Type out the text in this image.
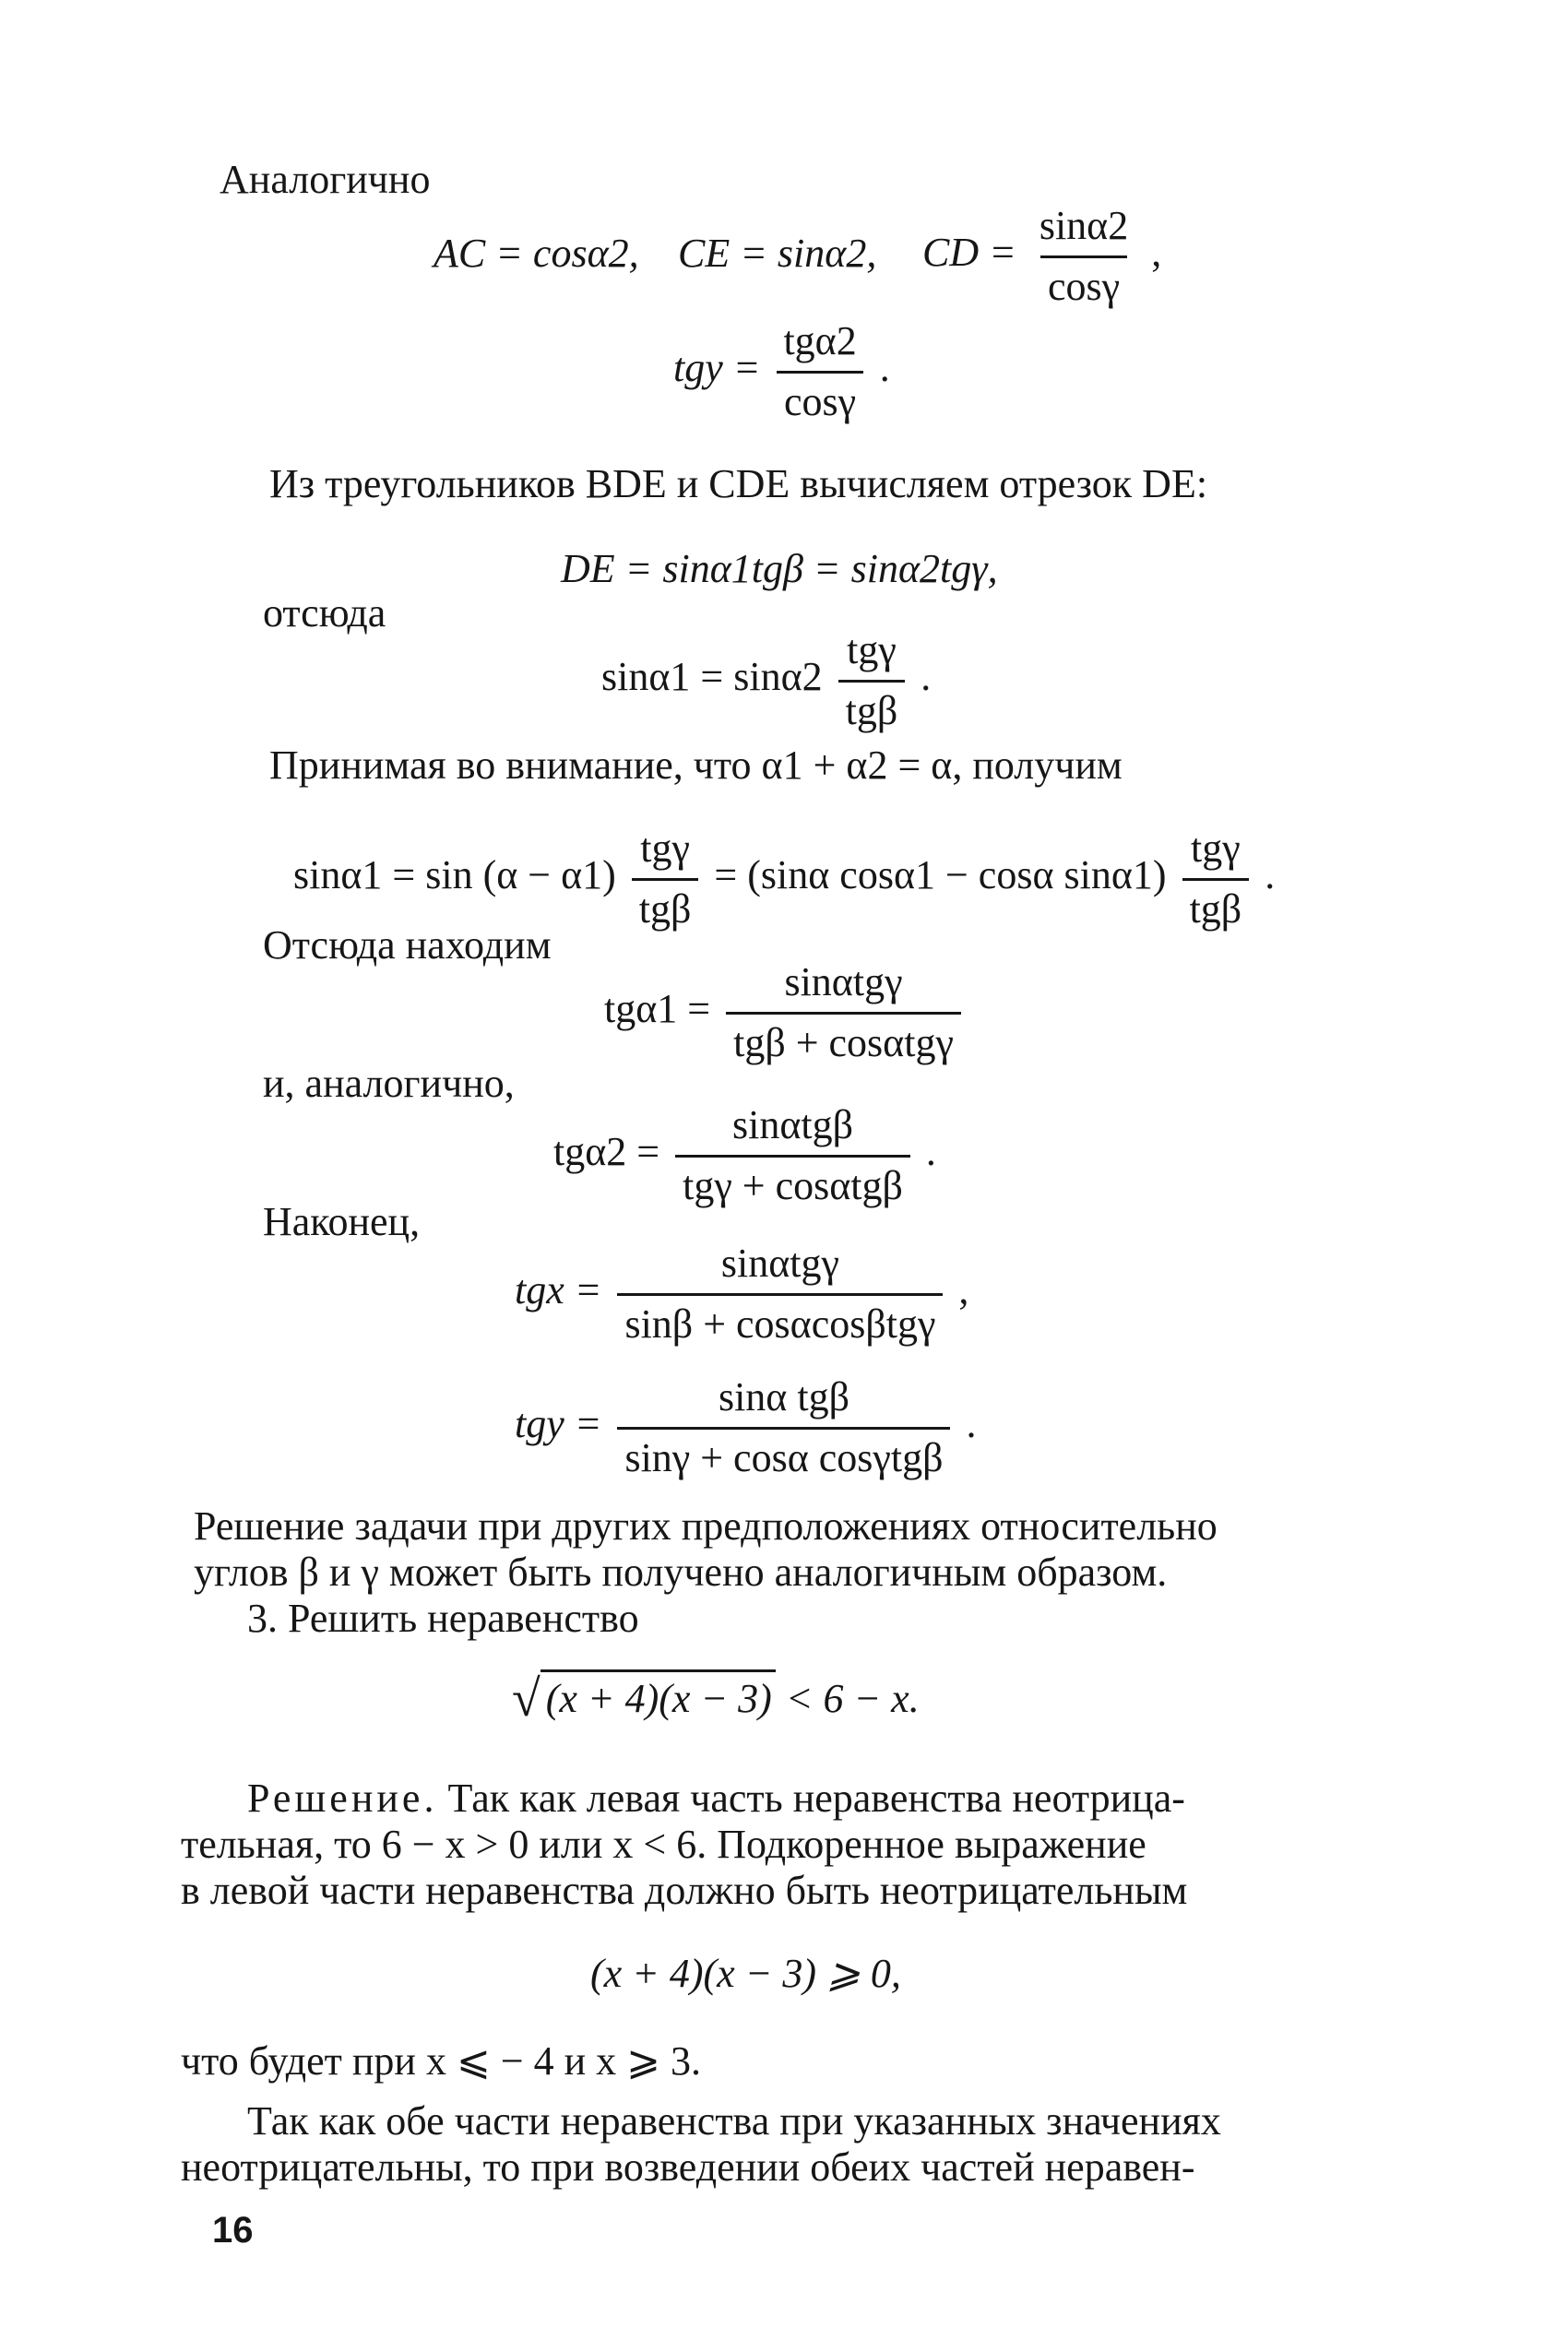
Аналогично
AC = cosα2, CE = sinα2, CD = $\frac{\sin\alpha 2}{\cos\gamma}$ ,
tgy = $\frac{\text{tgα2}}{\cos\gamma}$ .
Из треугольников BDE и CDE вычисляем отрезок DE:
DE = sinα1tgβ = sinα2tgγ,
отсюда
$\sin\alpha 1 = \sin\alpha 2 \frac{\text{tgγ}}{\text{tgβ}}$ .
Принимая во внимание, что α1 + α2 = α, получим
$\sin\alpha 1 = \sin (\alpha - \alpha 1) \frac{\text{tgγ}}{\text{tgβ}} = (\sin\alpha$ cosα1 − cosα $\sin\alpha 1) \frac{\text{tgγ}}{\text{tgβ}}$ .
Отсюда находим
$tg\alpha 1 = \frac{\text{sinαtgγ}}{\text{tgβ + cosαtgγ}}$
и, аналогично,
$tg\alpha 2 = \frac{\text{sinαtgβ}}{\text{tgγ + cosαtgβ}}$ .
Наконец,
tgx = $\frac{\text{sinαtgγ}}{\text{sinβ + cosαcosβtgγ}}$ ,
tgy = $\frac{\text{sinα tgβ}}{\text{sinγ + cosα cosγtgβ}}$ .
Решение задачи при других предположениях относительно
углов β и γ может быть получено аналогичным образом.
3. Решить неравенство
√ (x + 4)(x − 3) < 6 − x.
Решение. Так как левая часть неравенства неотрица-
тельная, то 6 − x > 0 или x < 6. Подкоренное выражение
в левой части неравенства должно быть неотрицательным
(x + 4)(x − 3) ⩾ 0,
что будет при x ⩽ − 4 и x ⩾ 3.
Так как обе части неравенства при указанных значениях
неотрицательны, то при возведении обеих частей неравен-
16
